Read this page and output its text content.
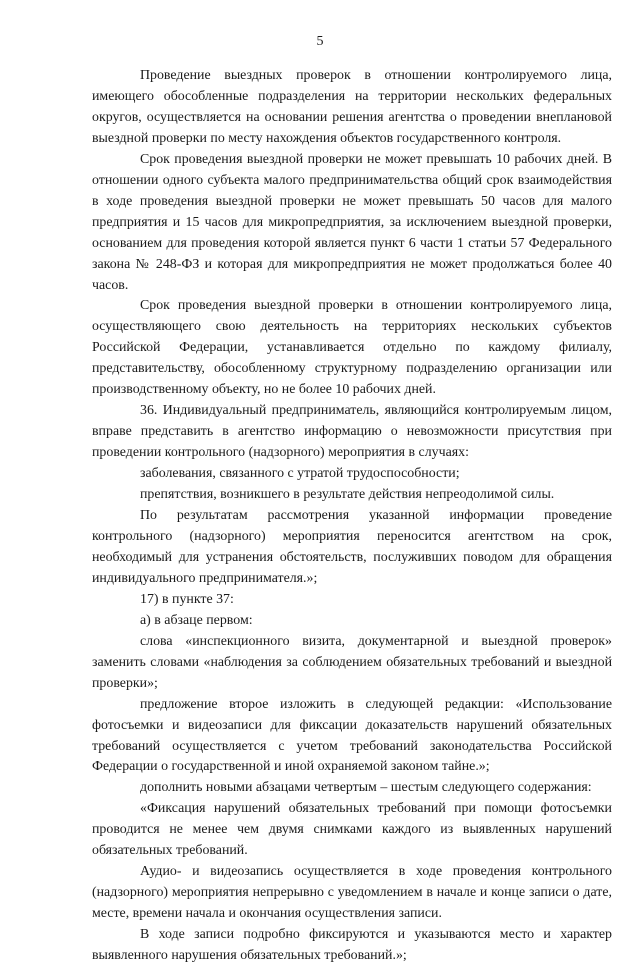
5

Проведение выездных проверок в отношении контролируемого лица, имеющего обособленные подразделения на территории нескольких федеральных округов, осуществляется на основании решения агентства о проведении внеплановой выездной проверки по месту нахождения объектов государственного контроля.

Срок проведения выездной проверки не может превышать 10 рабочих дней. В отношении одного субъекта малого предпринимательства общий срок взаимодействия в ходе проведения выездной проверки не может превышать 50 часов для малого предприятия и 15 часов для микропредприятия, за исключением выездной проверки, основанием для проведения которой является пункт 6 части 1 статьи 57 Федерального закона № 248-ФЗ и которая для микропредприятия не может продолжаться более 40 часов.

Срок проведения выездной проверки в отношении контролируемого лица, осуществляющего свою деятельность на территориях нескольких субъектов Российской Федерации, устанавливается отдельно по каждому филиалу, представительству, обособленному структурному подразделению организации или производственному объекту, но не более 10 рабочих дней.

36. Индивидуальный предприниматель, являющийся контролируемым лицом, вправе представить в агентство информацию о невозможности присутствия при проведении контрольного (надзорного) мероприятия в случаях:

заболевания, связанного с утратой трудоспособности;

препятствия, возникшего в результате действия непреодолимой силы.

По результатам рассмотрения указанной информации проведение контрольного (надзорного) мероприятия переносится агентством на срок, необходимый для устранения обстоятельств, послуживших поводом для обращения индивидуального предпринимателя.»;

17) в пункте 37:

а) в абзаце первом:

слова «инспекционного визита, документарной и выездной проверок» заменить словами «наблюдения за соблюдением обязательных требований и выездной проверки»;

предложение второе изложить в следующей редакции: «Использование фотосъемки и видеозаписи для фиксации доказательств нарушений обязательных требований осуществляется с учетом требований законодательства Российской Федерации о государственной и иной охраняемой законом тайне.»;

дополнить новыми абзацами четвертым – шестым следующего содержания:

«Фиксация нарушений обязательных требований при помощи фотосъемки проводится не менее чем двумя снимками каждого из выявленных нарушений обязательных требований.

Аудио- и видеозапись осуществляется в ходе проведения контрольного (надзорного) мероприятия непрерывно с уведомлением в начале и конце записи о дате, месте, времени начала и окончания осуществления записи.

В ходе записи подробно фиксируются и указываются место и характер выявленного нарушения обязательных требований.»;
